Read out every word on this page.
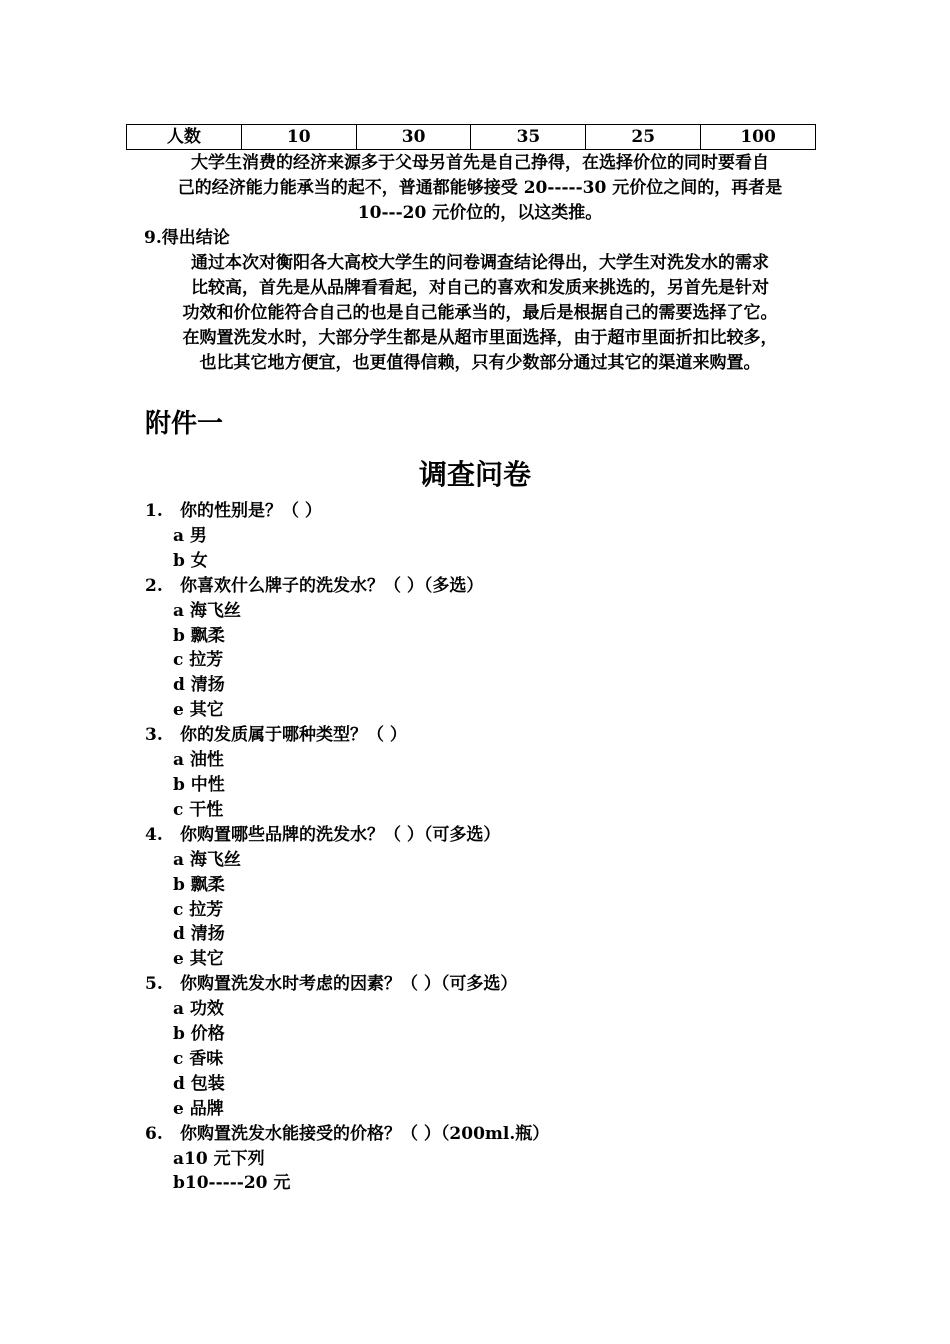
人数	10	30	35	25	100
大学生消费的经济来源多于父母另首先是自己挣得，在选择价位的同时要看自
己的经济能力能承当的起不，普通都能够接受 20-----30 元价位之间的，再者是
10---20 元价位的，以这类推。
9.得出结论
通过本次对衡阳各大高校大学生的问卷调查结论得出，大学生对洗发水的需求
比较高，首先是从品牌看看起，对自己的喜欢和发质来挑选的，另首先是针对
功效和价位能符合自己的也是自己能承当的，最后是根据自己的需要选择了它。
在购置洗发水时，大部分学生都是从超市里面选择，由于超市里面折扣比较多，
也比其它地方便宜，也更值得信赖，只有少数部分通过其它的渠道来购置。
附件一
调查问卷
1.	你的性别是？（ ）
a 男
b 女
2.	你喜欢什么牌子的洗发水？（ ）（多选）
a 海飞丝
b 飘柔
c 拉芳
d 清扬
e 其它
3.	你的发质属于哪种类型？（ ）
a 油性
b 中性
c 干性
4.	你购置哪些品牌的洗发水？（ ）（可多选）
a 海飞丝
b 飘柔
c 拉芳
d 清扬
e 其它
5.	你购置洗发水时考虑的因素？（ ）（可多选）
a 功效
b 价格
c 香味
d 包装
e 品牌
6.	你购置洗发水能接受的价格？（ ）（200ml.瓶）
a10 元下列
b10-----20 元
